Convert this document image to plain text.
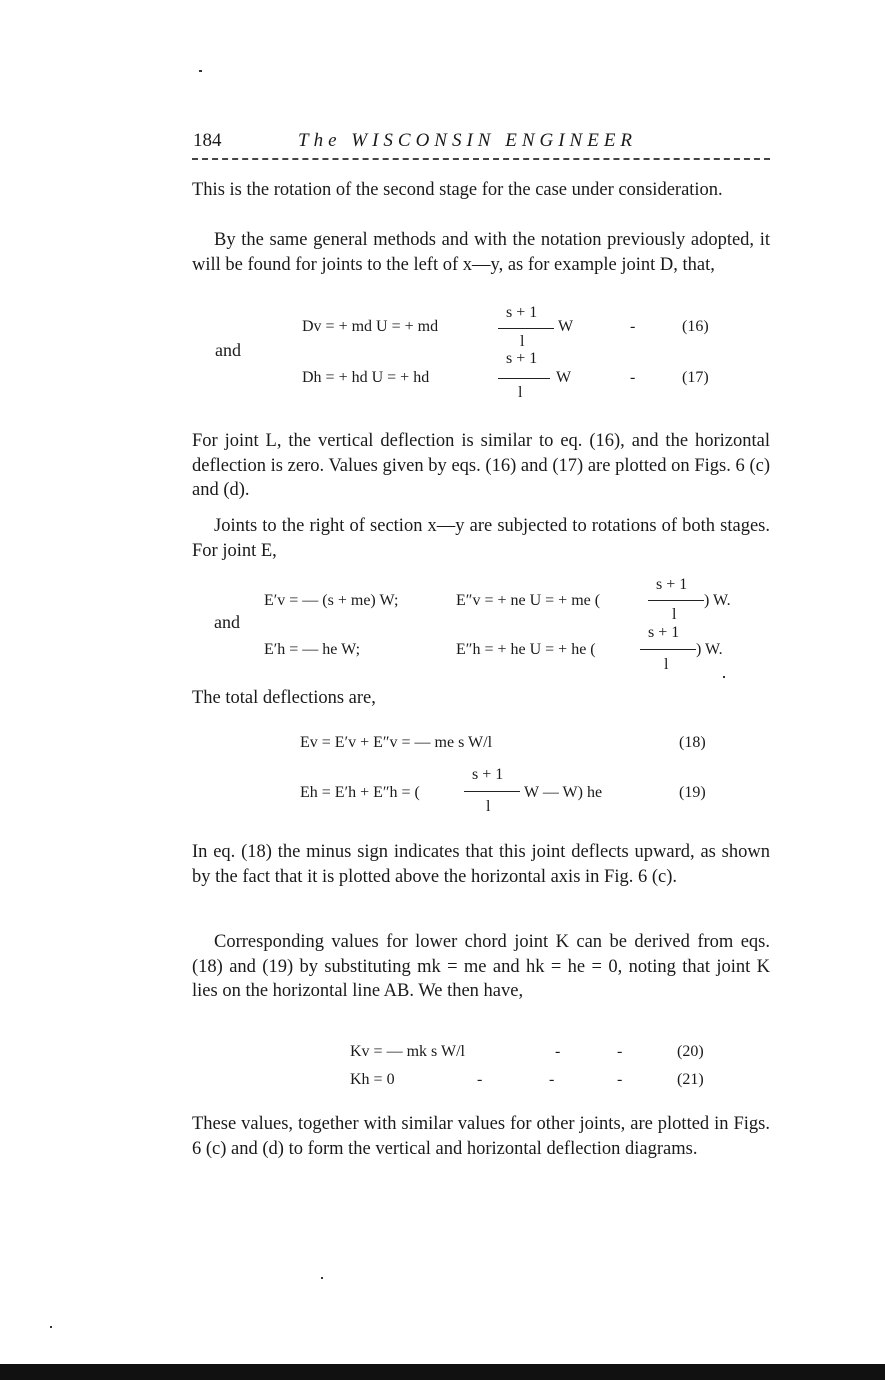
184	The WISCONSIN ENGINEER
This is the rotation of the second stage for the case under consideration.
By the same general methods and with the notation previously adopted, it will be found for joints to the left of x—y, as for example joint D, that,
s + 1
l
Dv = + md U = + md	W	-	(16)
and	s + 1
l
Dh = + hd U = + hd	W	-	(17)
For joint L, the vertical deflection is similar to eq. (16), and the horizontal deflection is zero. Values given by eqs. (16) and (17) are plotted on Figs. 6 (c) and (d).
Joints to the right of section x—y are subjected to rotations of both stages. For joint E,
s + 1
l
E′v = — (s + me) W;	E″v = + ne U = + me (	) W.
and
s + 1
l
E′h = — he W;	E″h = + he U = + he (	) W.
The total deflections are,
Ev = E′v + E″v = — me s W/l	(18)
s + 1
l
Eh = E′h + E″h = (	W — W) he	(19)
In eq. (18) the minus sign indicates that this joint deflects upward, as shown by the fact that it is plotted above the horizontal axis in Fig. 6 (c).
Corresponding values for lower chord joint K can be derived from eqs. (18) and (19) by substituting mk = me and hk = he = 0, noting that joint K lies on the horizontal line AB. We then have,
Kv = — mk s W/l	-	-	(20)
Kh = 0	-	-	-	(21)
These values, together with similar values for other joints, are plotted in Figs. 6 (c) and (d) to form the vertical and horizontal deflection diagrams.
